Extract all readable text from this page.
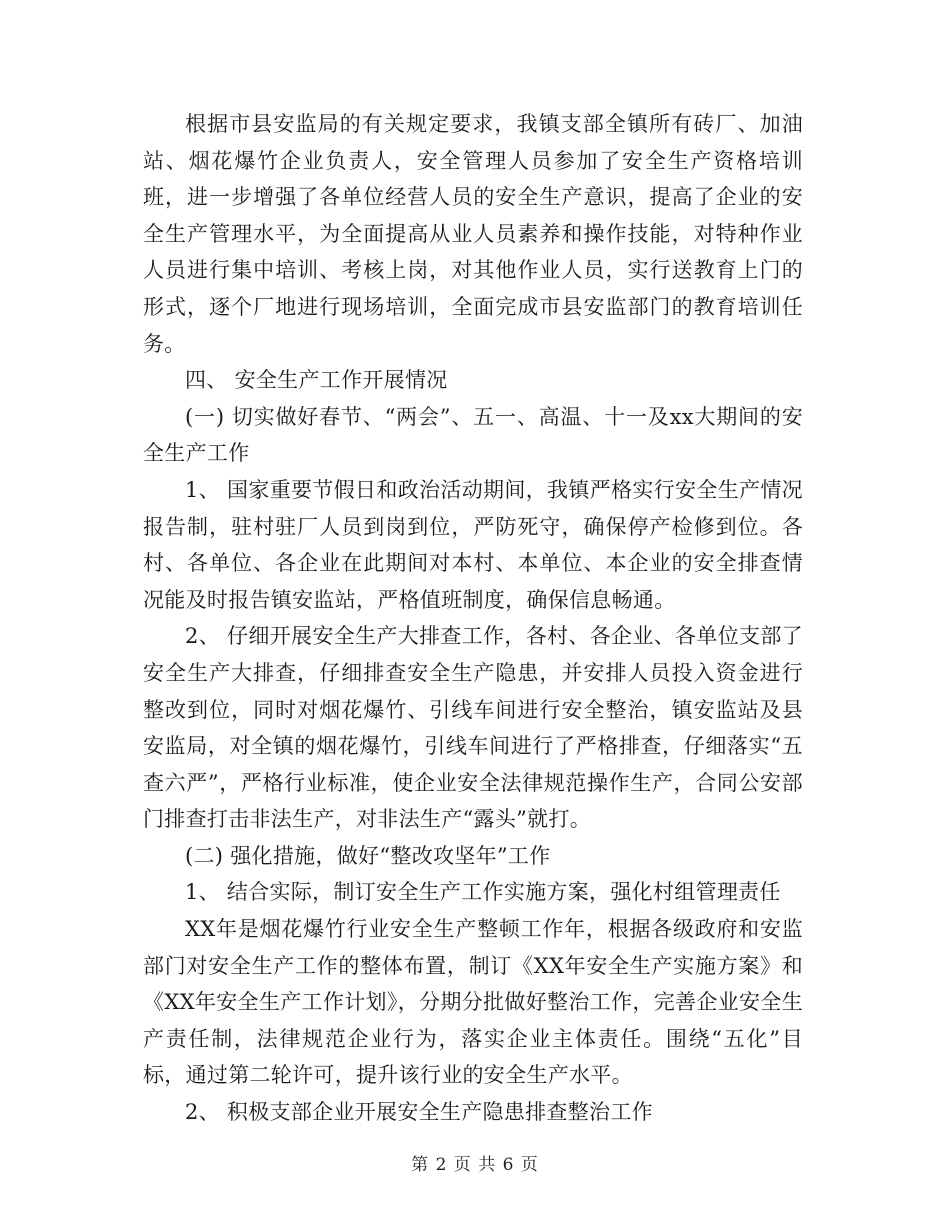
根据市县安监局的有关规定要求，我镇支部全镇所有砖厂、加油站、烟花爆竹企业负责人，安全管理人员参加了安全生产资格培训班，进一步增强了各单位经营人员的安全生产意识，提高了企业的安全生产管理水平，为全面提高从业人员素养和操作技能，对特种作业人员进行集中培训、考核上岗，对其他作业人员，实行送教育上门的形式，逐个厂地进行现场培训，全面完成市县安监部门的教育培训任务。

四、 安全生产工作开展情况

(一) 切实做好春节、“两会”、五一、高温、十一及xx大期间的安全生产工作

1、 国家重要节假日和政治活动期间，我镇严格实行安全生产情况报告制，驻村驻厂人员到岗到位，严防死守，确保停产检修到位。各村、各单位、各企业在此期间对本村、本单位、本企业的安全排查情况能及时报告镇安监站，严格值班制度，确保信息畅通。

2、 仔细开展安全生产大排查工作，各村、各企业、各单位支部了安全生产大排查，仔细排查安全生产隐患，并安排人员投入资金进行整改到位，同时对烟花爆竹、引线车间进行安全整治，镇安监站及县安监局，对全镇的烟花爆竹，引线车间进行了严格排查，仔细落实“五查六严”，严格行业标准，使企业安全法律规范操作生产，合同公安部门排查打击非法生产，对非法生产“露头”就打。

(二) 强化措施，做好“整改攻坚年”工作

1、 结合实际，制订安全生产工作实施方案，强化村组管理责任

XX年是烟花爆竹行业安全生产整顿工作年，根据各级政府和安监部门对安全生产工作的整体布置，制订《XX年安全生产实施方案》和《XX年安全生产工作计划》，分期分批做好整治工作，完善企业安全生产责任制，法律规范企业行为，落实企业主体责任。围绕“五化”目标，通过第二轮许可，提升该行业的安全生产水平。

2、 积极支部企业开展安全生产隐患排查整治工作

第 2 页 共 6 页
